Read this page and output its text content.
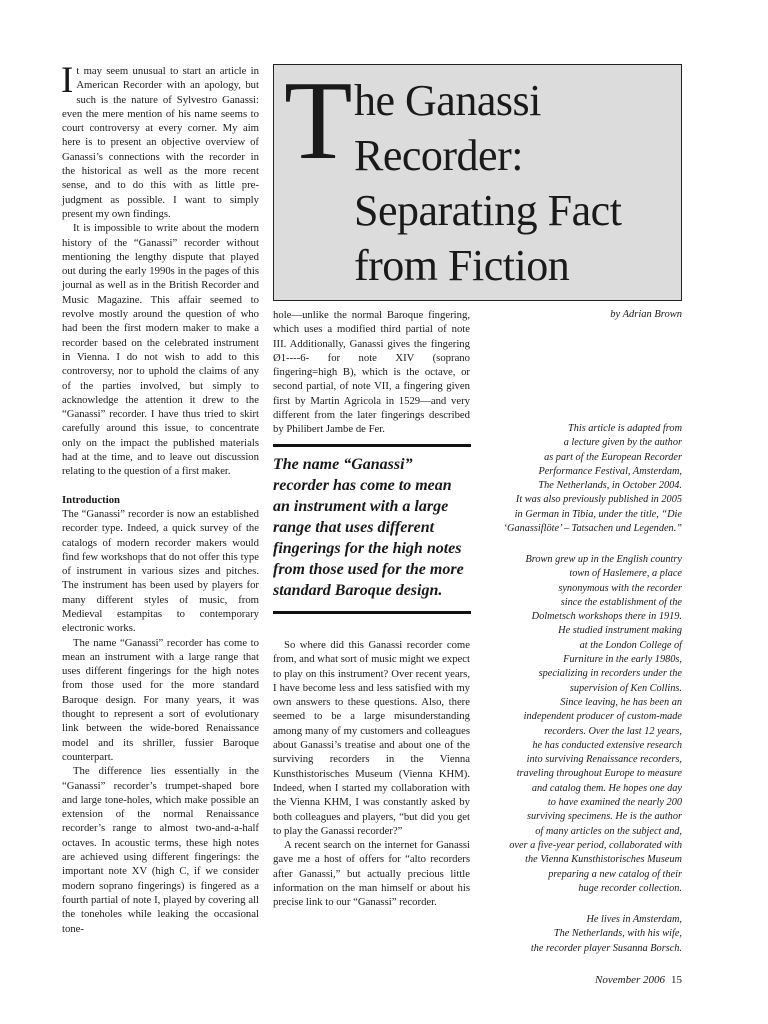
It may seem unusual to start an article in American Recorder with an apology, but such is the nature of Sylvestro Ganassi: even the mere mention of his name seems to court controversy at every corner. My aim here is to present an objective overview of Ganassi’s connections with the recorder in the historical as well as the more recent sense, and to do this with as little pre-judgment as possible. I want to simply present my own findings.

It is impossible to write about the modern history of the “Ganassi” recorder without mentioning the lengthy dispute that played out during the early 1990s in the pages of this journal as well as in the British Recorder and Music Magazine. This affair seemed to revolve mostly around the question of who had been the first modern maker to make a recorder based on the celebrated instrument in Vienna. I do not wish to add to this controversy, nor to uphold the claims of any of the parties involved, but simply to acknowledge the attention it drew to the “Ganassi” recorder. I have thus tried to skirt carefully around this issue, to concentrate only on the impact the published materials had at the time, and to leave out discussion relating to the question of a first maker.

Introduction

The “Ganassi” recorder is now an established recorder type. Indeed, a quick survey of the catalogs of modern recorder makers would find few workshops that do not offer this type of instrument in various sizes and pitches. The instrument has been used by players for many different styles of music, from Medieval estampitas to contemporary electronic works.

The name “Ganassi” recorder has come to mean an instrument with a large range that uses different fingerings for the high notes from those used for the more standard Baroque design. For many years, it was thought to represent a sort of evolutionary link between the wide-bored Renaissance model and its shriller, fussier Baroque counterpart.

The difference lies essentially in the “Ganassi” recorder’s trumpet-shaped bore and large tone-holes, which make possible an extension of the normal Renaissance recorder’s range to almost two-and-a-half octaves. In acoustic terms, these high notes are achieved using different fingerings: the important note XV (high C, if we consider modern soprano fingerings) is fingered as a fourth partial of note I, played by covering all the toneholes while leaking the occasional tone-

T he Ganassi
Recorder:
Separating Fact
from Fiction

hole—unlike the normal Baroque fingering, which uses a modified third partial of note III. Additionally, Ganassi gives the fingering Ø1----6- for note XIV (soprano fingering=high B), which is the octave, or second partial, of note VII, a fingering given first by Martin Agricola in 1529—and very different from the later fingerings described by Philibert Jambe de Fer.

The name “Ganassi” recorder has come to mean an instrument with a large range that uses different fingerings for the high notes from those used for the more standard Baroque design.

So where did this Ganassi recorder come from, and what sort of music might we expect to play on this instrument? Over recent years, I have become less and less satisfied with my own answers to these questions. Also, there seemed to be a large misunderstanding among many of my customers and colleagues about Ganassi’s treatise and about one of the surviving recorders in the Vienna Kunsthistorisches Museum (Vienna KHM). Indeed, when I started my collaboration with the Vienna KHM, I was constantly asked by both colleagues and players, “but did you get to play the Ganassi recorder?”

A recent search on the internet for Ganassi gave me a host of offers for “alto recorders after Ganassi,” but actually precious little information on the man himself or about his precise link to our “Ganassi” recorder.

by Adrian Brown
This article is adapted from
a lecture given by the author
as part of the European Recorder
Performance Festival, Amsterdam,
The Netherlands, in October 2004.
It was also previously published in 2005
in German in Tibia, under the title, “Die
‘Ganassiflöte’ – Tatsachen und Legenden.”
Brown grew up in the English country
town of Haslemere, a place
synonymous with the recorder
since the establishment of the
Dolmetsch workshops there in 1919.
He studied instrument making
at the London College of
Furniture in the early 1980s,
specializing in recorders under the
supervision of Ken Collins.
Since leaving, he has been an
independent producer of custom-made
recorders. Over the last 12 years,
he has conducted extensive research
into surviving Renaissance recorders,
traveling throughout Europe to measure
and catalog them. He hopes one day
to have examined the nearly 200
surviving specimens. He is the author
of many articles on the subject and,
over a five-year period, collaborated with
the Vienna Kunsthistorisches Museum
preparing a new catalog of their
huge recorder collection.
He lives in Amsterdam,
The Netherlands, with his wife,
the recorder player Susanna Borsch.
November 2006 15
